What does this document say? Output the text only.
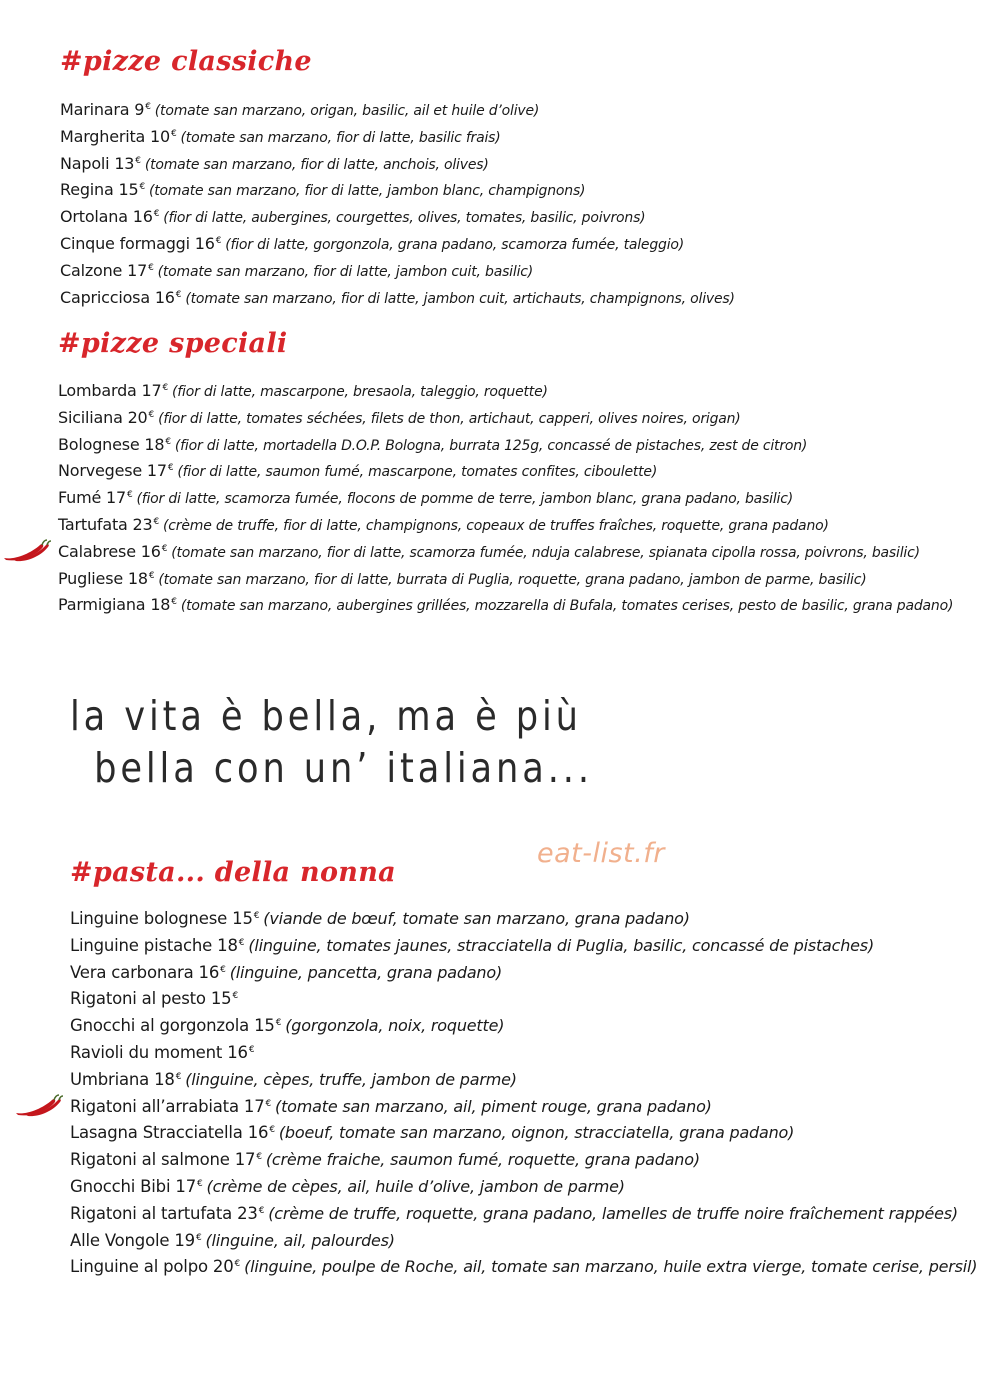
#pizze classiche
Marinara 9€ (tomate san marzano, origan, basilic, ail et huile d’olive)
Margherita 10€ (tomate san marzano, fior di latte, basilic frais)
Napoli 13€ (tomate san marzano, fior di latte, anchois, olives)
Regina 15€ (tomate san marzano, fior di latte, jambon blanc, champignons)
Ortolana 16€ (fior di latte, aubergines, courgettes, olives, tomates, basilic, poivrons)
Cinque formaggi 16€ (fior di latte, gorgonzola, grana padano, scamorza fumée, taleggio)
Calzone 17€ (tomate san marzano, fior di latte, jambon cuit, basilic)
Capricciosa 16€ (tomate san marzano, fior di latte, jambon cuit, artichauts, champignons, olives)
#pizze speciali
Lombarda 17€ (fior di latte, mascarpone, bresaola, taleggio, roquette)
Siciliana 20€ (fior di latte, tomates séchées, filets de thon, artichaut, capperi, olives noires, origan)
Bolognese 18€ (fior di latte, mortadella D.O.P. Bologna, burrata 125g, concassé de pistaches, zest de citron)
Norvegese 17€ (fior di latte, saumon fumé, mascarpone, tomates confites, ciboulette)
Fumé 17€ (fior di latte, scamorza fumée, flocons de pomme de terre, jambon blanc, grana padano, basilic)
Tartufata 23€ (crème de truffe, fior di latte, champignons, copeaux de truffes fraîches, roquette, grana padano)
Calabrese 16€ (tomate san marzano, fior di latte, scamorza fumée, nduja calabrese, spianata cipolla rossa, poivrons, basilic)
Pugliese 18€ (tomate san marzano, fior di latte, burrata di Puglia, roquette, grana padano, jambon de parme, basilic)
Parmigiana 18€ (tomate san marzano, aubergines grillées, mozzarella di Bufala, tomates cerises, pesto de basilic, grana padano)

la vita è bella, ma è più
bella con un’ italiana...

eat-list.fr

#pasta... della nonna
Linguine bolognese 15€ (viande de bœuf, tomate san marzano, grana padano)
Linguine pistache 18€ (linguine, tomates jaunes, stracciatella di Puglia, basilic, concassé de pistaches)
Vera carbonara 16€ (linguine, pancetta, grana padano)
Rigatoni al pesto 15€
Gnocchi al gorgonzola 15€ (gorgonzola, noix, roquette)
Ravioli du moment 16€
Umbriana 18€ (linguine, cèpes, truffe, jambon de parme)
Rigatoni all’arrabiata 17€ (tomate san marzano, ail, piment rouge, grana padano)
Lasagna Stracciatella 16€ (boeuf, tomate san marzano, oignon, stracciatella, grana padano)
Rigatoni al salmone 17€ (crème fraiche, saumon fumé, roquette, grana padano)
Gnocchi Bibi 17€ (crème de cèpes, ail, huile d’olive, jambon de parme)
Rigatoni al tartufata 23€ (crème de truffe, roquette, grana padano, lamelles de truffe noire fraîchement rappées)
Alle Vongole 19€ (linguine, ail, palourdes)
Linguine al polpo 20€ (linguine, poulpe de Roche, ail, tomate san marzano, huile extra vierge, tomate cerise, persil)
